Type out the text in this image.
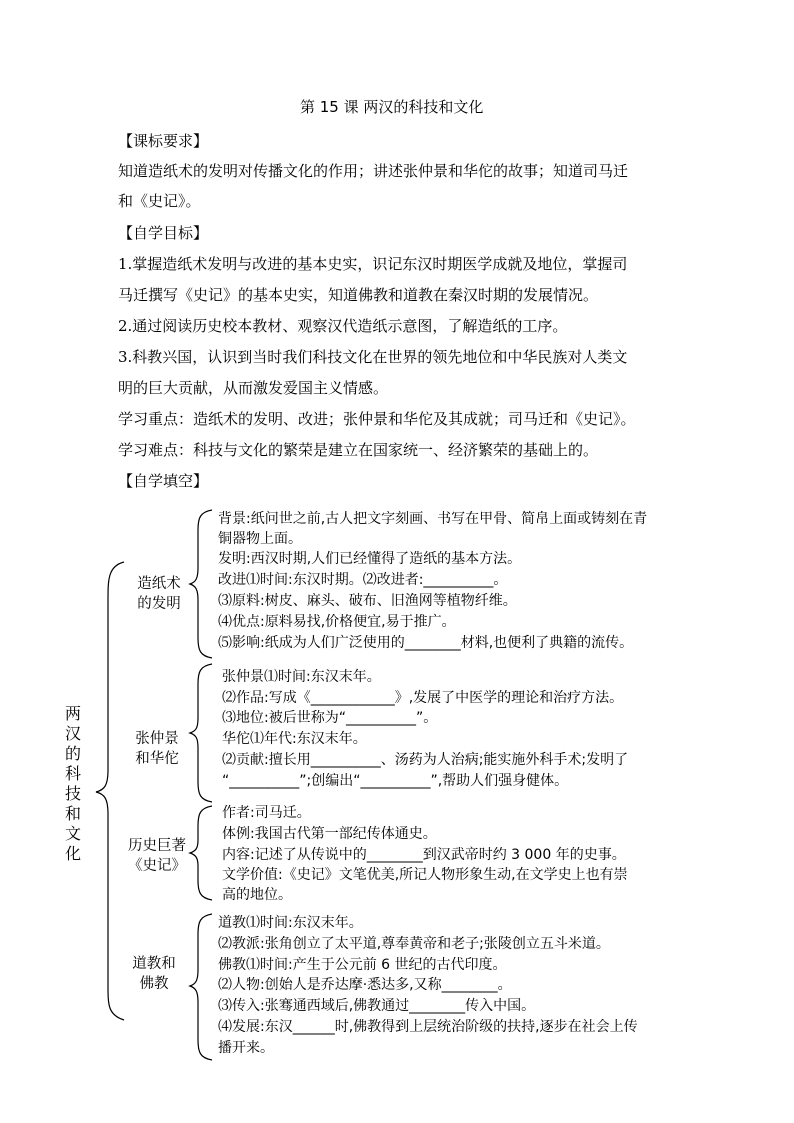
第 15 课 两汉的科技和文化
【课标要求】
知道造纸术的发明对传播文化的作用；讲述张仲景和华佗的故事；知道司马迁
和《史记》。
【自学目标】
1.掌握造纸术发明与改进的基本史实，识记东汉时期医学成就及地位，掌握司
马迁撰写《史记》的基本史实，知道佛教和道教在秦汉时期的发展情况。
2.通过阅读历史校本教材、观察汉代造纸示意图，了解造纸的工序。
3.科教兴国，认识到当时我们科技文化在世界的领先地位和中华民族对人类文
明的巨大贡献，从而激发爱国主义情感。
学习重点：造纸术的发明、改进；张仲景和华佗及其成就；司马迁和《史记》。
学习难点：科技与文化的繁荣是建立在国家统一、经济繁荣的基础上的。
【自学填空】
两汉的科技和文化
造纸术
的发明
张仲景
和华佗
历史巨著
《史记》
道教和
佛教
背景:纸问世之前,古人把文字刻画、书写在甲骨、简帛上面或铸刻在青
铜器物上面。
发明:西汉时期,人们已经懂得了造纸的基本方法。
改进⑴时间:东汉时期。⑵改进者:__________。
⑶原料:树皮、麻头、破布、旧渔网等植物纤维。
⑷优点:原料易找,价格便宜,易于推广。
⑸影响:纸成为人们广泛使用的________材料,也便利了典籍的流传。
张仲景⑴时间:东汉末年。
⑵作品:写成《____________》,发展了中医学的理论和治疗方法。
⑶地位:被后世称为“__________”。
华佗⑴年代:东汉末年。
⑵贡献:擅长用__________、汤药为人治病;能实施外科手术;发明了
“__________”;创编出“__________”,帮助人们强身健体。
作者:司马迁。
体例:我国古代第一部纪传体通史。
内容:记述了从传说中的________到汉武帝时约 3 000 年的史事。
文学价值:《史记》文笔优美,所记人物形象生动,在文学史上也有崇
高的地位。
道教⑴时间:东汉末年。
⑵教派:张角创立了太平道,尊奉黄帝和老子;张陵创立五斗米道。
佛教⑴时间:产生于公元前 6 世纪的古代印度。
⑵人物:创始人是乔达摩·悉达多,又称________。
⑶传入:张骞通西域后,佛教通过________传入中国。
⑷发展:东汉______时,佛教得到上层统治阶级的扶持,逐步在社会上传
播开来。
